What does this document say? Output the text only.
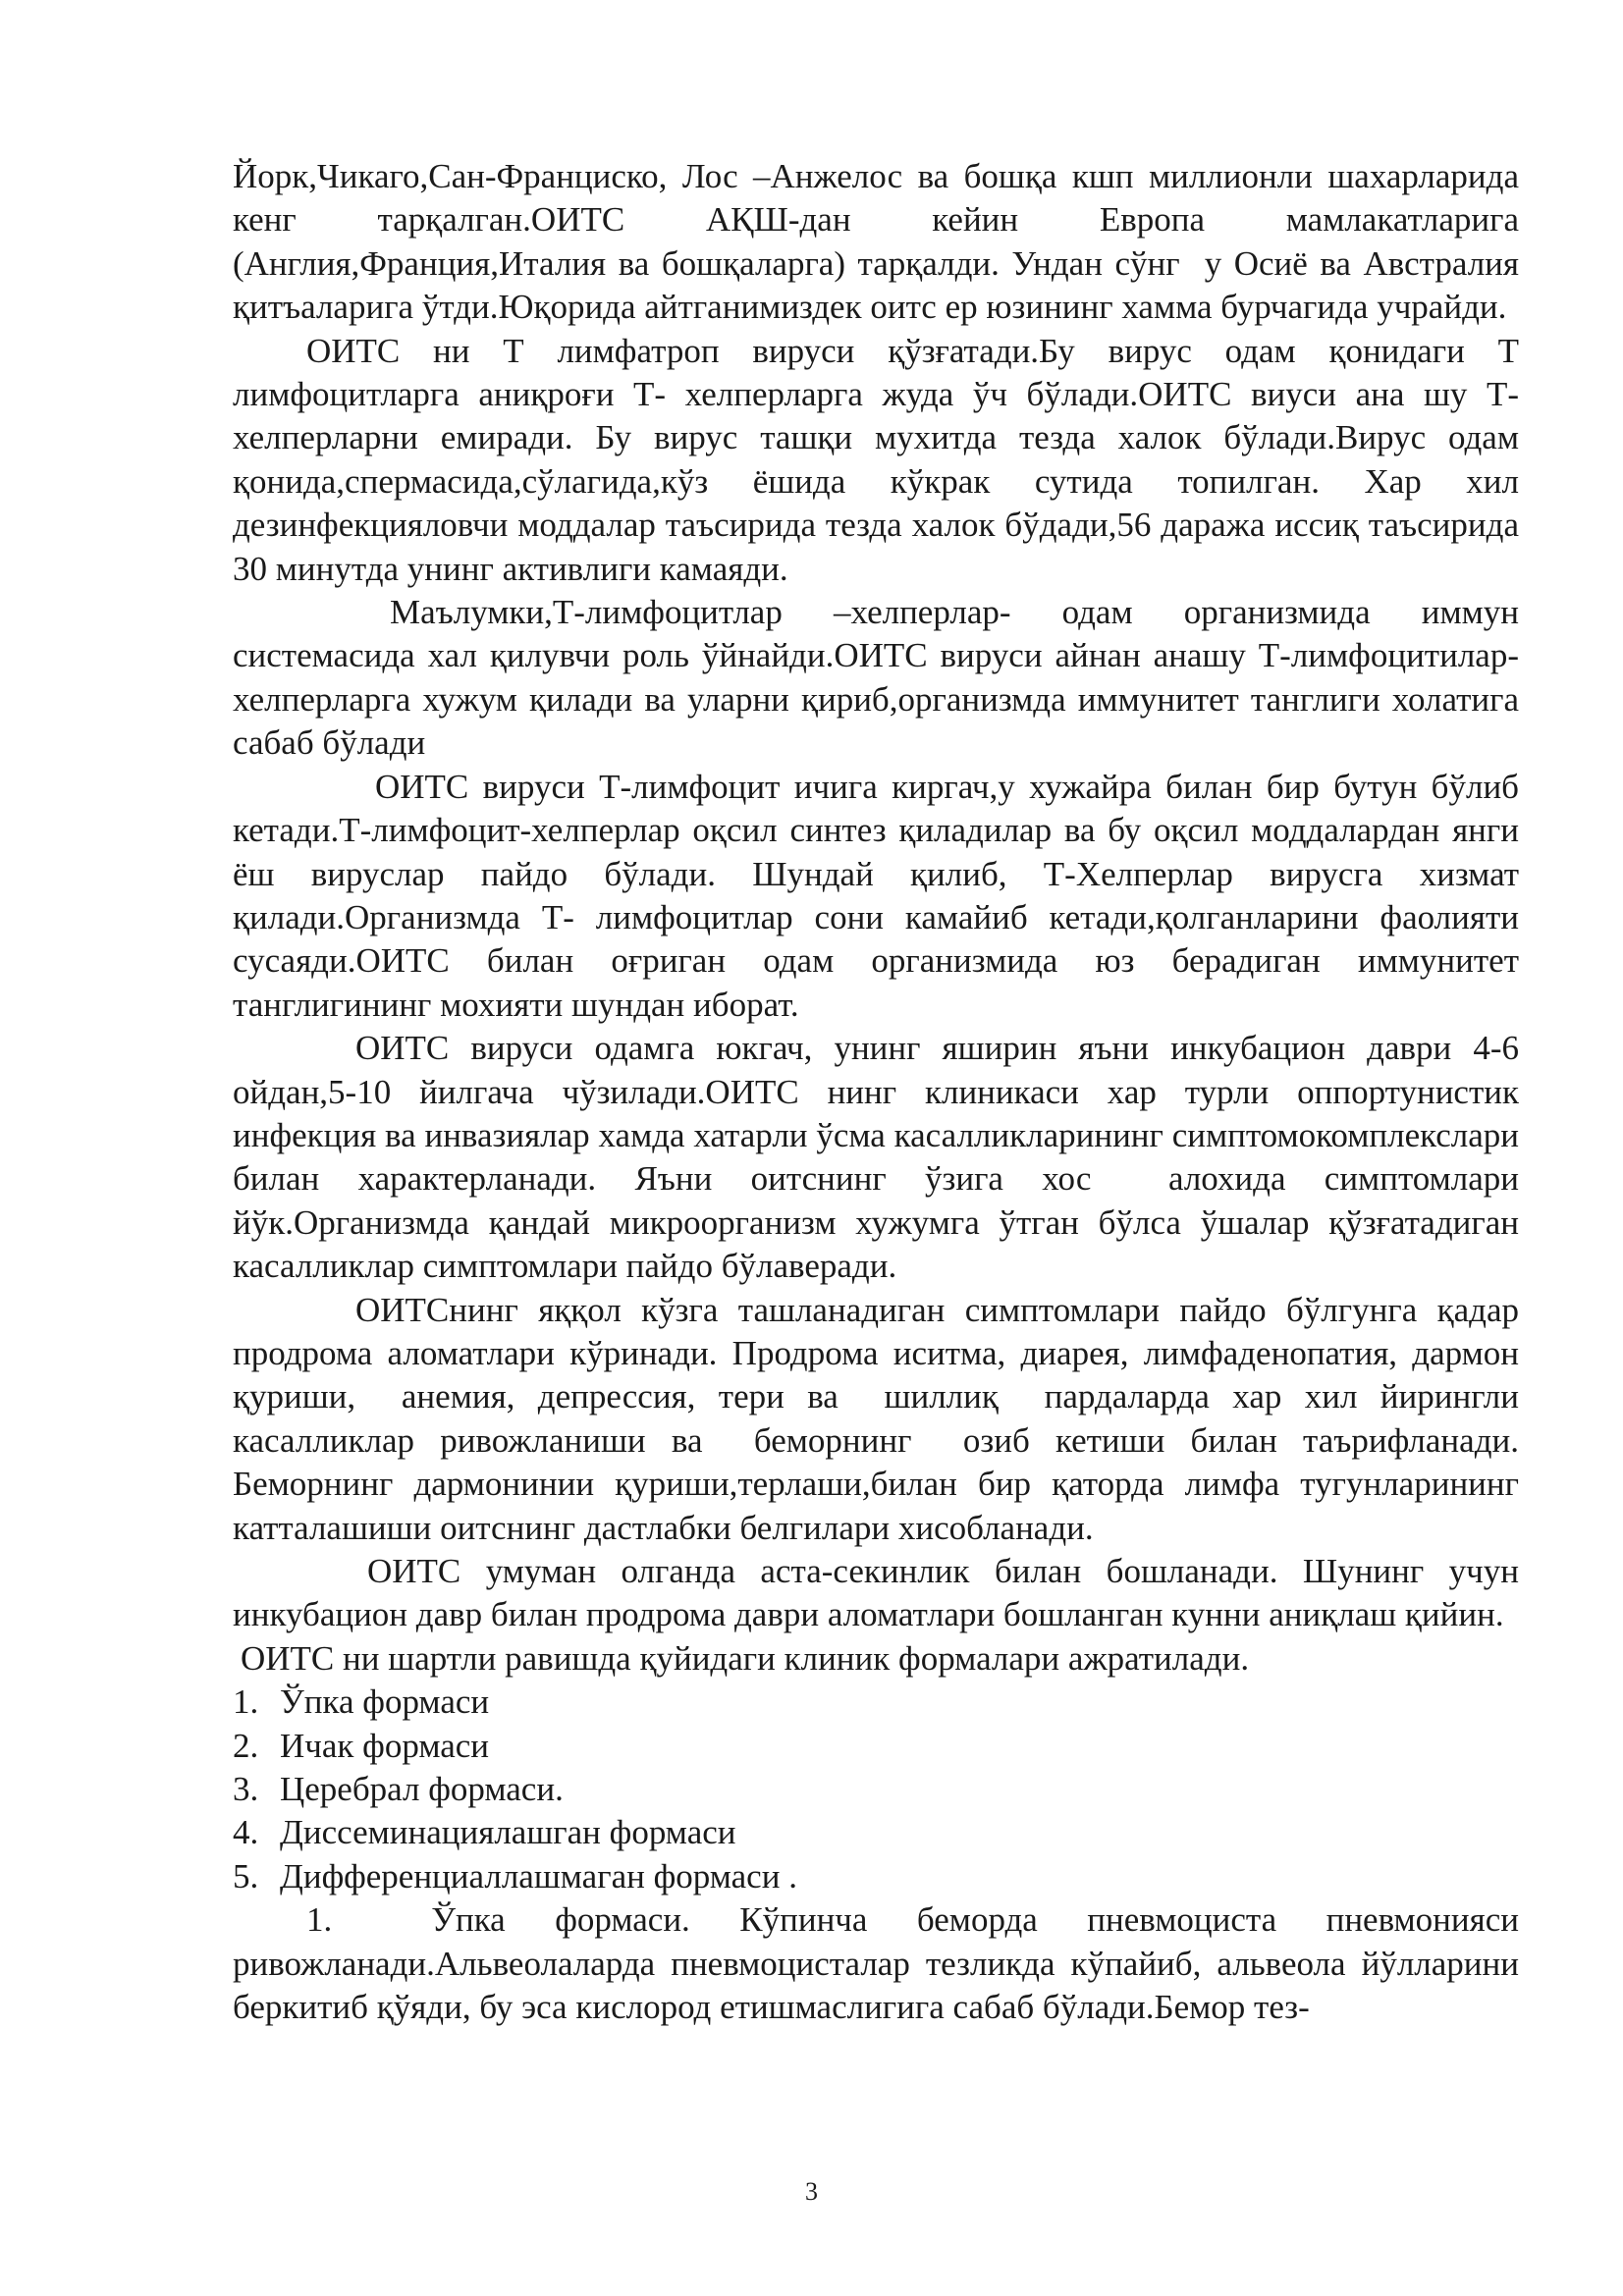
Йорк,Чикаго,Сан-Франциско, Лос –Анжелос ва бошқа кшп миллионли шахарларида кенг тарқалган.ОИТС АҚШ-дан кейин Европа мамлакатларига (Англия,Франция,Италия ва бошқаларга) тарқалди. Ундан сўнг  у Осиё ва Австралия қитъаларига ўтди.Юқорида айтганимиздек оитс ер юзининг хамма бурчагида учрайди.

ОИТС ни Т лимфатроп вируси қўзғатади.Бу вирус одам қонидаги Т лимфоцитларга аниқроғи Т- хелперларга жуда ўч бўлади.ОИТС виуси ана шу Т- хелперларни емиради. Бу вирус ташқи мухитда тезда халок бўлади.Вирус одам қонида,спермасида,сўлагида,кўз ёшида кўкрак сутида топилган. Хар хил дезинфекцияловчи моддалар таъсирида тезда халок бўдади,56 даража иссиқ таъсирида 30 минутда унинг активлиги камаяди.

Маълумки,Т-лимфоцитлар –хелперлар- одам организмида иммун системасида хал қилувчи роль ўйнайди.ОИТС вируси айнан анашу Т-лимфоцитилар-хелперларга хужум қилади ва уларни қириб,организмда иммунитет танглиги холатига сабаб бўлади

ОИТС вируси Т-лимфоцит ичига киргач,у хужайра билан бир бутун бўлиб кетади.Т-лимфоцит-хелперлар оқсил синтез қиладилар ва бу оқсил моддалардан янги ёш вируслар пайдо бўлади. Шундай қилиб, Т-Хелперлар вирусга хизмат қилади.Организмда Т- лимфоцитлар сони камайиб кетади,қолганларини фаолияти сусаяди.ОИТС билан оғриган одам организмида юз берадиган иммунитет танглигининг мохияти шундан иборат.

ОИТС вируси одамга юкгач, унинг яширин яъни инкубацион даври 4-6 ойдан,5-10 йилгача чўзилади.ОИТС нинг клиникаси хар турли оппортунистик инфекция ва инвазиялар хамда хатарли ўсма касалликларининг симптомокомплекслари билан характерланади. Яъни оитснинг ўзига хос  алохида симптомлари йўк.Организмда қандай микроорганизм хужумга ўтган бўлса ўшалар қўзғатадиган касалликлар симптомлари пайдо бўлаверади.

ОИТСнинг яққол кўзга ташланадиган симптомлари пайдо бўлгунга қадар продрома аломатлари кўринади. Продрома иситма, диарея, лимфаденопатия, дармон қуриши,  анемия, депрессия, тери ва  шиллиқ  пардаларда хар хил йирингли касалликлар ривожланиши ва  беморнинг  озиб кетиши билан таърифланади. Беморнинг дармонинии қуриши,терлаши,билан бир қаторда лимфа тугунларининг катталашиши оитснинг дастлабки белгилари хисобланади.

ОИТС умуман олганда аста-секинлик билан бошланади. Шунинг учун инкубацион давр билан продрома даври аломатлари бошланган кунни аниқлаш қийин.

ОИТС ни шартли равишда қуйидаги клиник формалари ажратилади.

1. Ўпка формаси
2. Ичак формаси
3. Церебрал формаси.
4. Диссеминациялашган формаси
5. Дифференциаллашмаган формаси .

1.  Ўпка формаси. Кўпинча беморда пневмоциста пневмонияси ривожланади.Альвеолаларда пневмоцисталар тезликда кўпайиб, альвеола йўлларини беркитиб қўяди, бу эса кислород етишмаслигига сабаб бўлади.Бемор тез-

3
